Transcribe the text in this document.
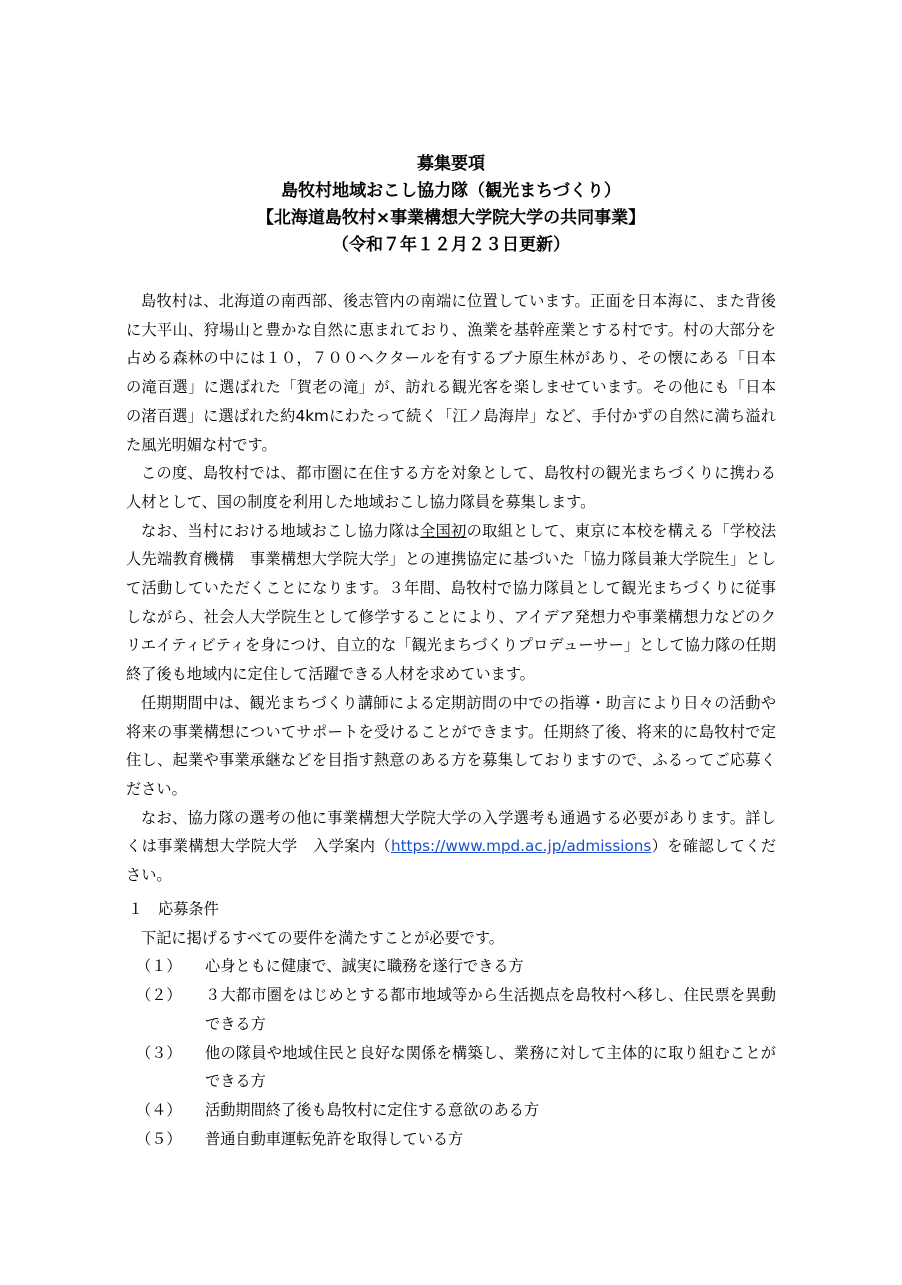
募集要項
島牧村地域おこし協力隊（観光まちづくり）
【北海道島牧村×事業構想大学院大学の共同事業】
（令和７年１２月２３日更新）

島牧村は、北海道の南西部、後志管内の南端に位置しています。正面を日本海に、また背後に大平山、狩場山と豊かな自然に恵まれており、漁業を基幹産業とする村です。村の大部分を占める森林の中には１０，７００ヘクタールを有するブナ原生林があり、その懐にある「日本の滝百選」に選ばれた「賀老の滝」が、訪れる観光客を楽しませています。その他にも「日本の渚百選」に選ばれた約4kmにわたって続く「江ノ島海岸」など、手付かずの自然に満ち溢れた風光明媚な村です。

この度、島牧村では、都市圏に在住する方を対象として、島牧村の観光まちづくりに携わる人材として、国の制度を利用した地域おこし協力隊員を募集します。

なお、当村における地域おこし協力隊は全国初の取組として、東京に本校を構える「学校法人先端教育機構　事業構想大学院大学」との連携協定に基づいた「協力隊員兼大学院生」として活動していただくことになります。３年間、島牧村で協力隊員として観光まちづくりに従事しながら、社会人大学院生として修学することにより、アイデア発想力や事業構想力などのクリエイティビティを身につけ、自立的な「観光まちづくりプロデューサー」として協力隊の任期終了後も地域内に定住して活躍できる人材を求めています。

任期期間中は、観光まちづくり講師による定期訪問の中での指導・助言により日々の活動や将来の事業構想についてサポートを受けることができます。任期終了後、将来的に島牧村で定住し、起業や事業承継などを目指す熱意のある方を募集しておりますので、ふるってご応募ください。

なお、協力隊の選考の他に事業構想大学院大学の入学選考も通過する必要があります。詳しくは事業構想大学院大学　入学案内（https://www.mpd.ac.jp/admissions）を確認してください。

１ 応募条件
下記に掲げるすべての要件を満たすことが必要です。
（１）	心身ともに健康で、誠実に職務を遂行できる方
（２）	３大都市圏をはじめとする都市地域等から生活拠点を島牧村へ移し、住民票を異動できる方
（３）	他の隊員や地域住民と良好な関係を構築し、業務に対して主体的に取り組むことができる方
（４）	活動期間終了後も島牧村に定住する意欲のある方
（５）	普通自動車運転免許を取得している方
